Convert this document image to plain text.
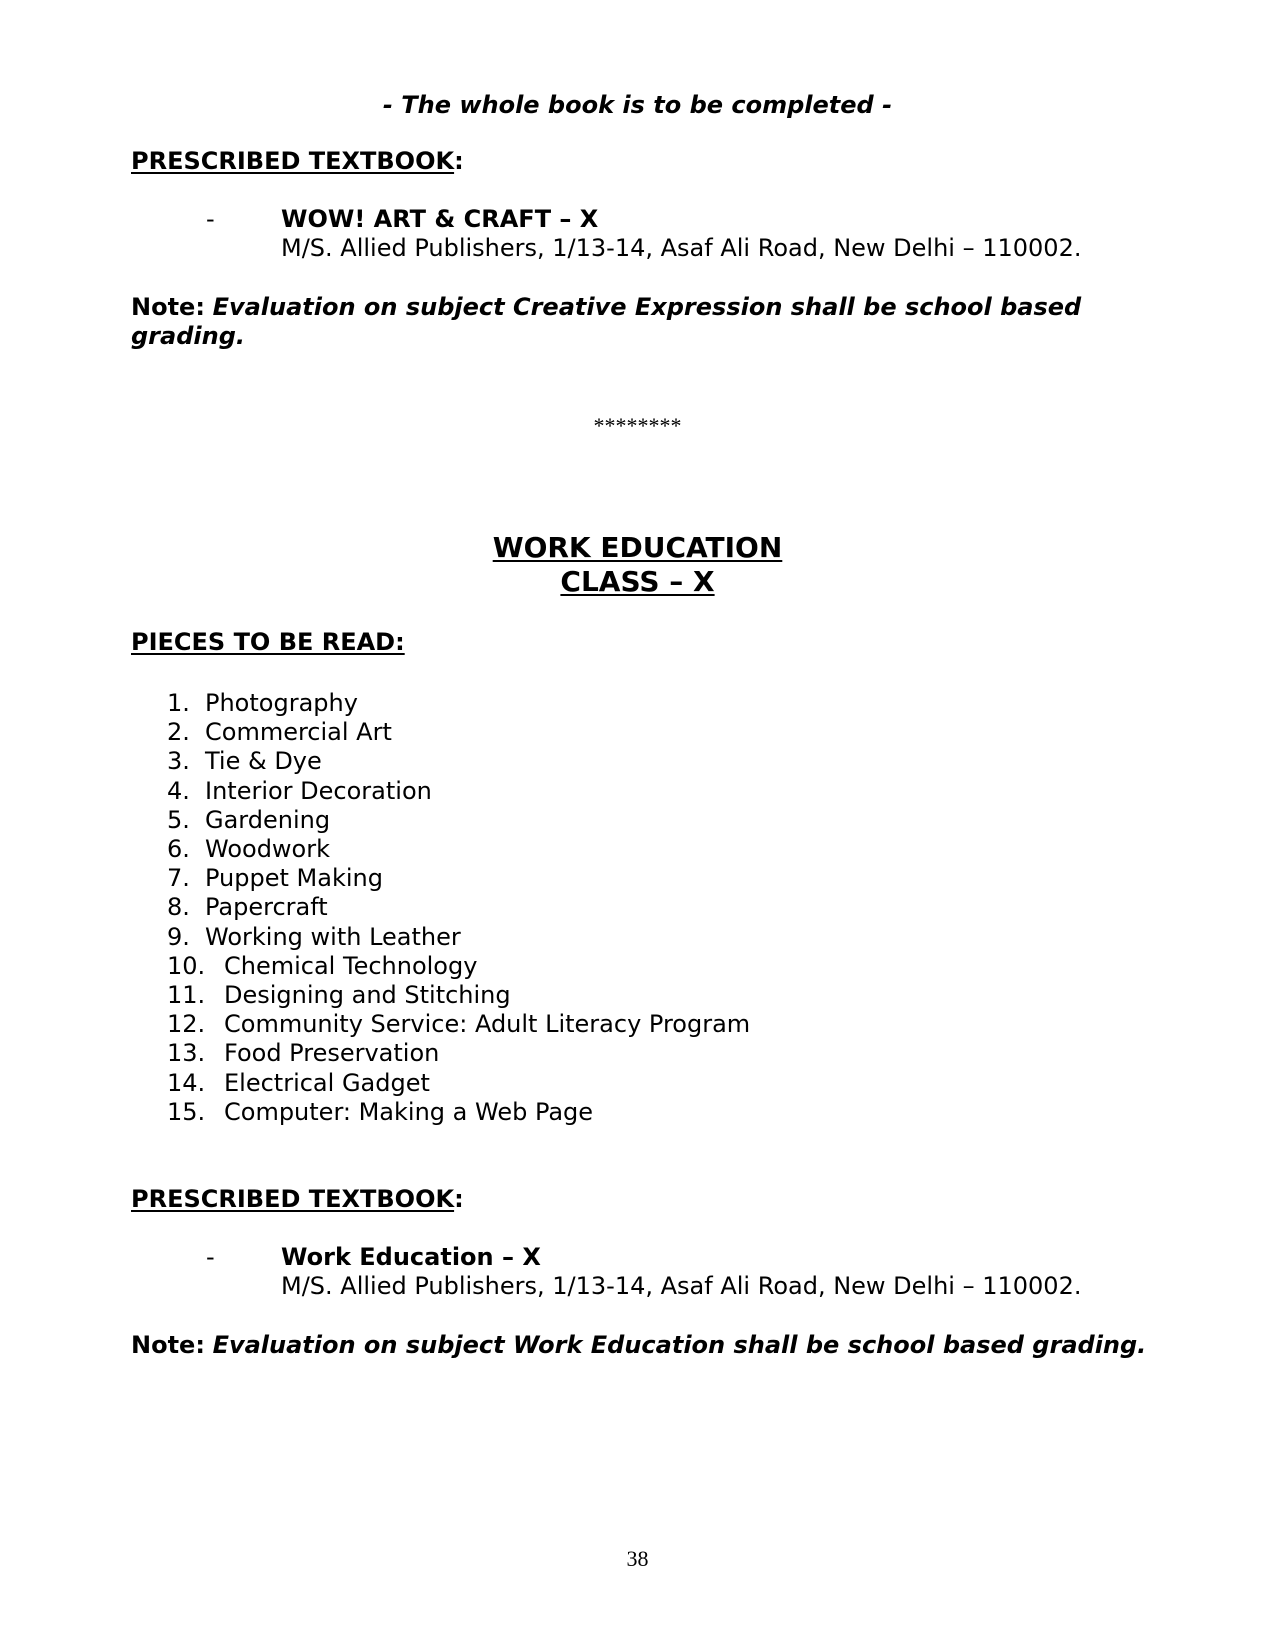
- The whole book is to be completed -
PRESCRIBED TEXTBOOK:
-	WOW! ART & CRAFT – X
M/S. Allied Publishers, 1/13-14, Asaf Ali Road, New Delhi – 110002.
Note: Evaluation on subject Creative Expression shall be school based grading.
********
WORK EDUCATION
CLASS – X
PIECES TO BE READ:
1. Photography
2. Commercial Art
3. Tie & Dye
4. Interior Decoration
5. Gardening
6. Woodwork
7. Puppet Making
8. Papercraft
9. Working with Leather
10. Chemical Technology
11. Designing and Stitching
12. Community Service: Adult Literacy Program
13. Food Preservation
14. Electrical Gadget
15. Computer: Making a Web Page
PRESCRIBED TEXTBOOK:
-	Work Education – X
M/S. Allied Publishers, 1/13-14, Asaf Ali Road, New Delhi – 110002.
Note: Evaluation on subject Work Education shall be school based grading.
38
